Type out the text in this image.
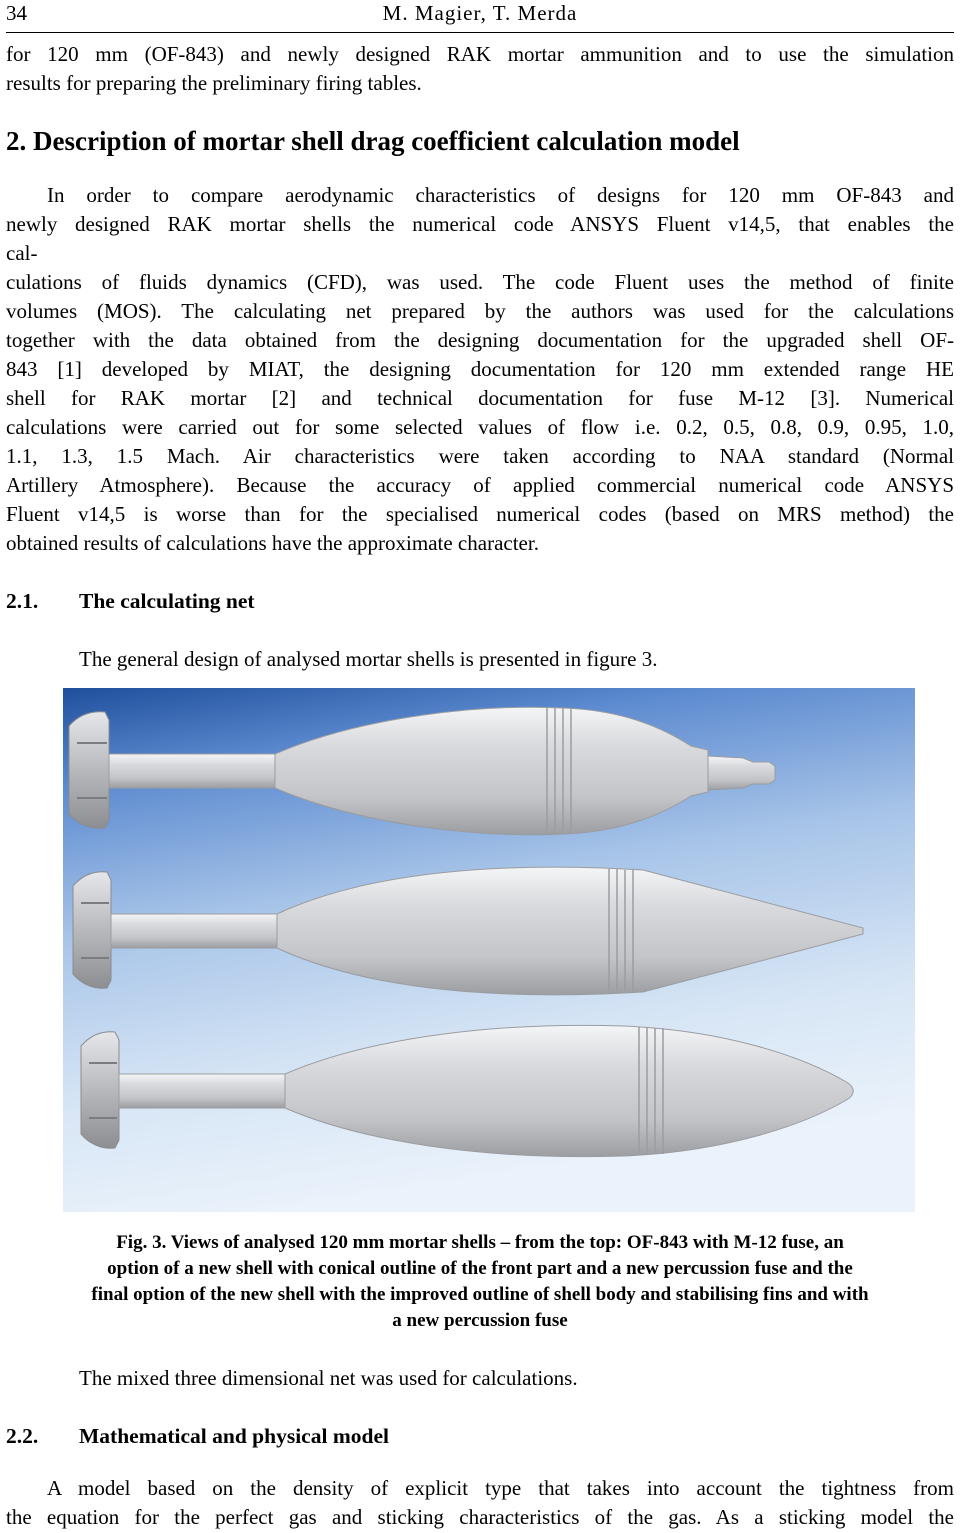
34	M. Magier, T. Merda
for 120 mm (OF-843) and newly designed RAK mortar ammunition and to use the simulation
results for preparing the preliminary firing tables.
2. Description of mortar shell drag coefficient calculation model
In order to compare aerodynamic characteristics of designs for 120 mm OF-843 and
newly designed RAK mortar shells the numerical code ANSYS Fluent v14,5, that enables the
cal-
culations of fluids dynamics (CFD), was used. The code Fluent uses the method of finite
volumes (MOS). The calculating net prepared by the authors was used for the calculations
together with the data obtained from the designing documentation for the upgraded shell OF-
843 [1] developed by MIAT, the designing documentation for 120 mm extended range HE
shell for RAK mortar [2] and technical documentation for fuse M-12 [3]. Numerical
calculations were carried out for some selected values of flow i.e. 0.2, 0.5, 0.8, 0.9, 0.95, 1.0,
1.1, 1.3, 1.5 Mach. Air characteristics were taken according to NAA standard (Normal
Artillery Atmosphere). Because the accuracy of applied commercial numerical code ANSYS
Fluent v14,5 is worse than for the specialised numerical codes (based on MRS method) the
obtained results of calculations have the approximate character.
2.1. The calculating net
The general design of analysed mortar shells is presented in figure 3.
Fig. 3. Views of analysed 120 mm mortar shells – from the top: OF-843 with M-12 fuse, an
option of a new shell with conical outline of the front part and a new percussion fuse and the
final option of the new shell with the improved outline of shell body and stabilising fins and with
a new percussion fuse
The mixed three dimensional net was used for calculations.
2.2. Mathematical and physical model
A model based on the density of explicit type that takes into account the tightness from
the equation for the perfect gas and sticking characteristics of the gas. As a sticking model the
